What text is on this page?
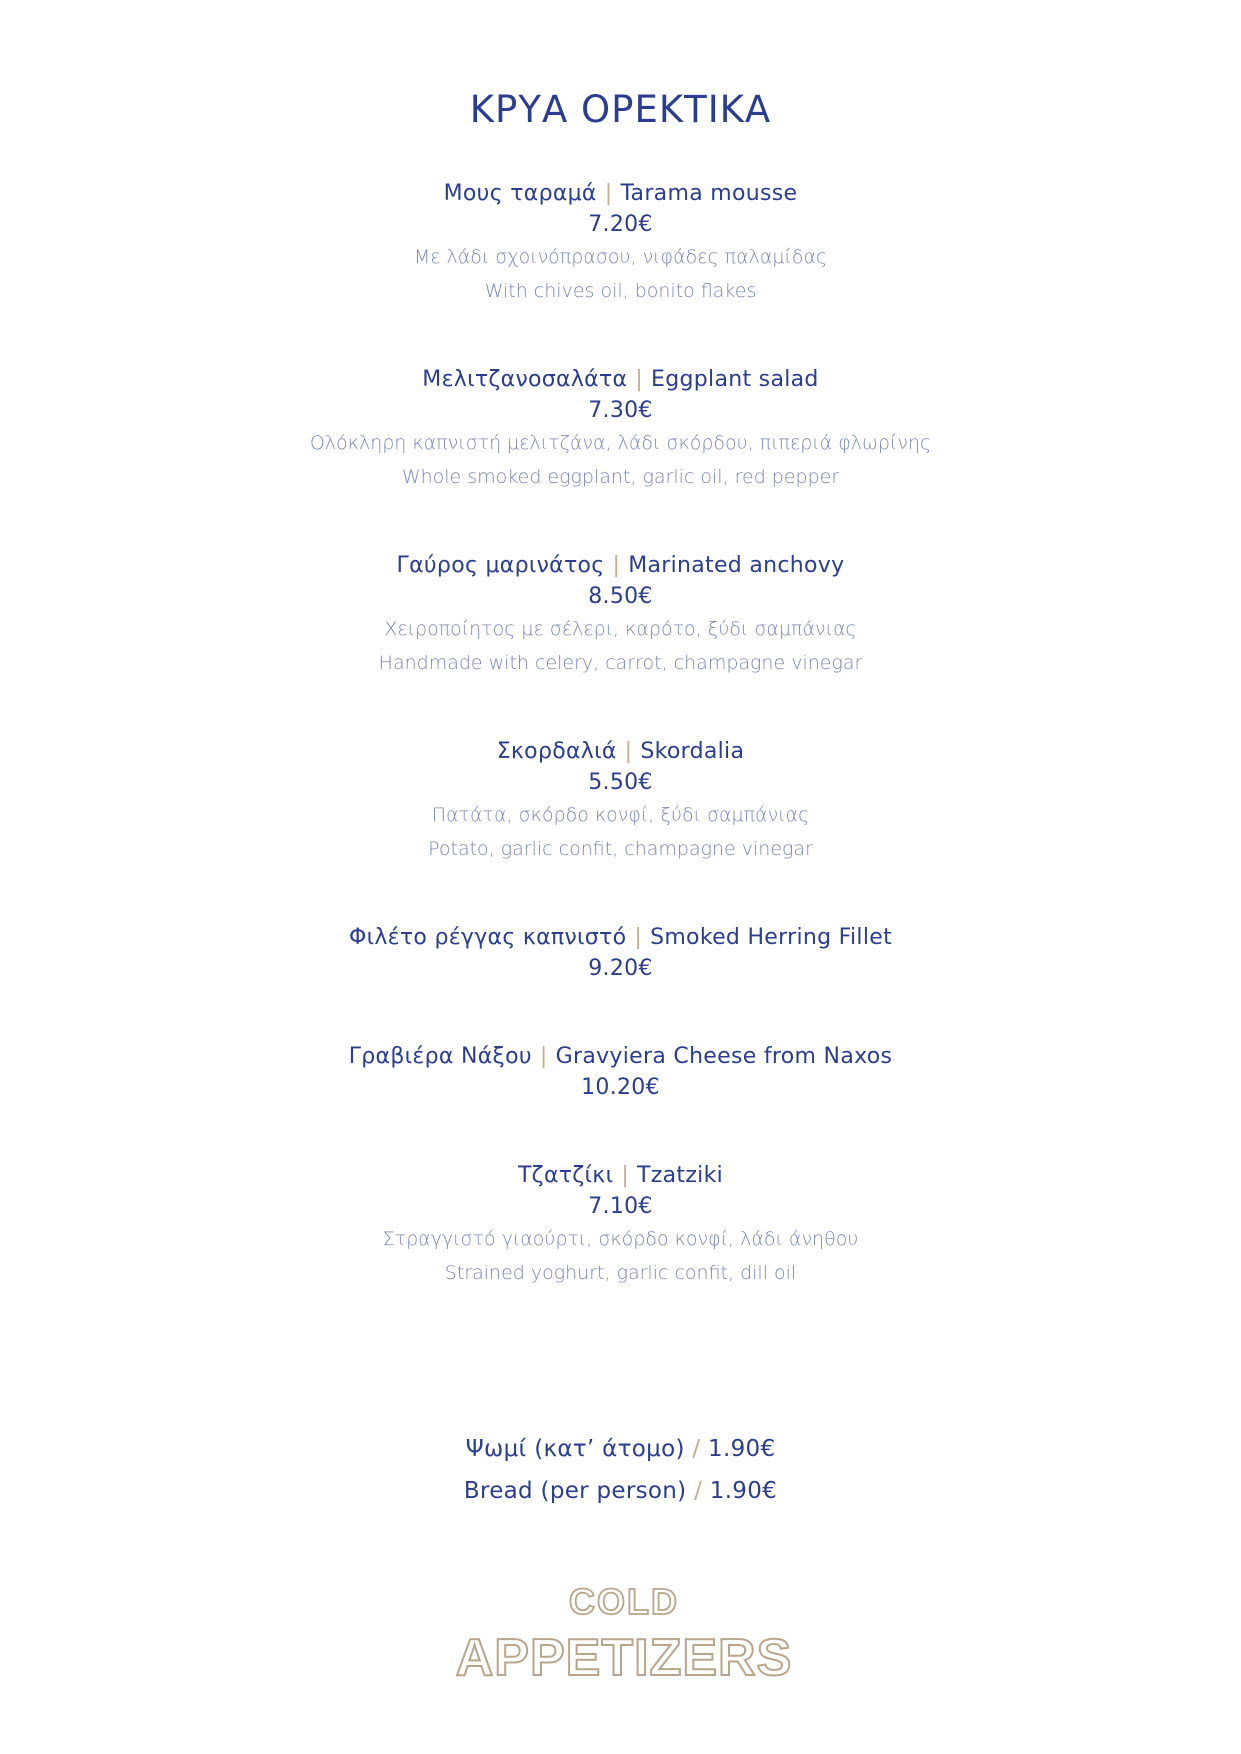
ΚΡΥΑ ΟΡΕΚΤΙΚΑ
Μους ταραμά | Tarama mousse
7.20€
Με λάδι σχοινόπρασου, νιφάδες παλαμίδας
With chives oil, bonito flakes
Μελιτζανοσαλάτα | Eggplant salad
7.30€
Ολόκληρη καπνιστή μελιτζάνα, λάδι σκόρδου, πιπεριά φλωρίνης
Whole smoked eggplant, garlic oil, red pepper
Γαύρος μαρινάτος | Marinated anchovy
8.50€
Χειροποίητος με σέλερι, καρότο, ξύδι σαμπάνιας
Handmade with celery, carrot, champagne vinegar
Σκορδαλιά | Skordalia
5.50€
Πατάτα, σκόρδο κονφί, ξύδι σαμπάνιας
Potato, garlic confit, champagne vinegar
Φιλέτο ρέγγας καπνιστό | Smoked Herring Fillet
9.20€
Γραβιέρα Νάξου | Gravyiera Cheese from Naxos
10.20€
Τζατζίκι | Tzatziki
7.10€
Στραγγιστό γιαούρτι, σκόρδο κονφί, λάδι άνηθου
Strained yoghurt, garlic confit, dill oil
Ψωμί (κατ’ άτομο) / 1.90€
Bread (per person) / 1.90€
COLD
APPETIZERS
